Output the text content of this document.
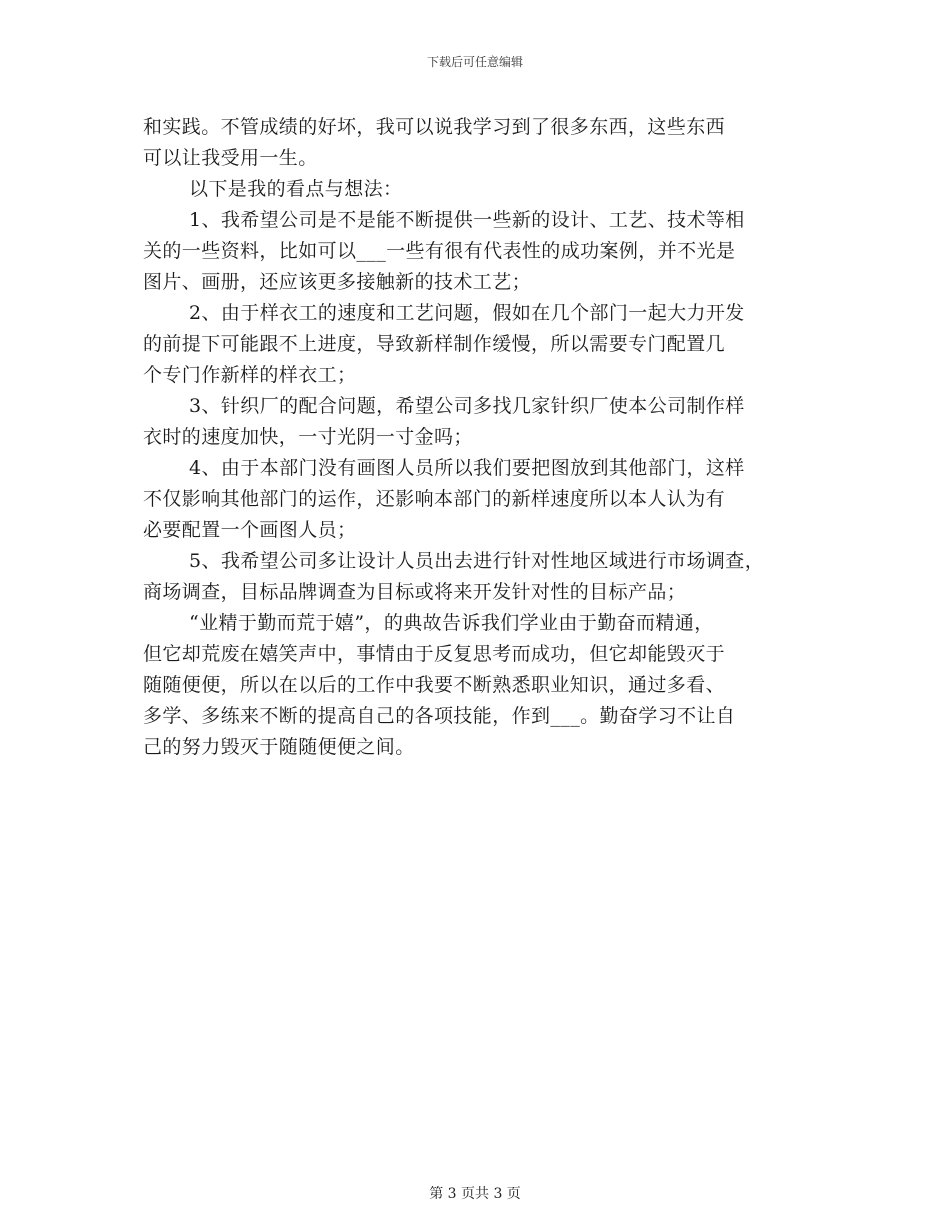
下载后可任意编辑
和实践。不管成绩的好坏，我可以说我学习到了很多东西，这些东西
可以让我受用一生。
以下是我的看点与想法：
1、我希望公司是不是能不断提供一些新的设计、工艺、技术等相
关的一些资料，比如可以___一些有很有代表性的成功案例，并不光是
图片、画册，还应该更多接触新的技术工艺；
2、由于样衣工的速度和工艺问题，假如在几个部门一起大力开发
的前提下可能跟不上进度，导致新样制作缓慢，所以需要专门配置几
个专门作新样的样衣工；
3、针织厂的配合问题，希望公司多找几家针织厂使本公司制作样
衣时的速度加快，一寸光阴一寸金吗；
4、由于本部门没有画图人员所以我们要把图放到其他部门，这样
不仅影响其他部门的运作，还影响本部门的新样速度所以本人认为有
必要配置一个画图人员；
5、我希望公司多让设计人员出去进行针对性地区域进行市场调查，
商场调查，目标品牌调查为目标或将来开发针对性的目标产品；
“业精于勤而荒于嬉”，的典故告诉我们学业由于勤奋而精通，
但它却荒废在嬉笑声中，事情由于反复思考而成功，但它却能毁灭于
随随便便，所以在以后的工作中我要不断熟悉职业知识，通过多看、
多学、多练来不断的提高自己的各项技能，作到___。勤奋学习不让自
己的努力毁灭于随随便便之间。
第 3 页共 3 页
